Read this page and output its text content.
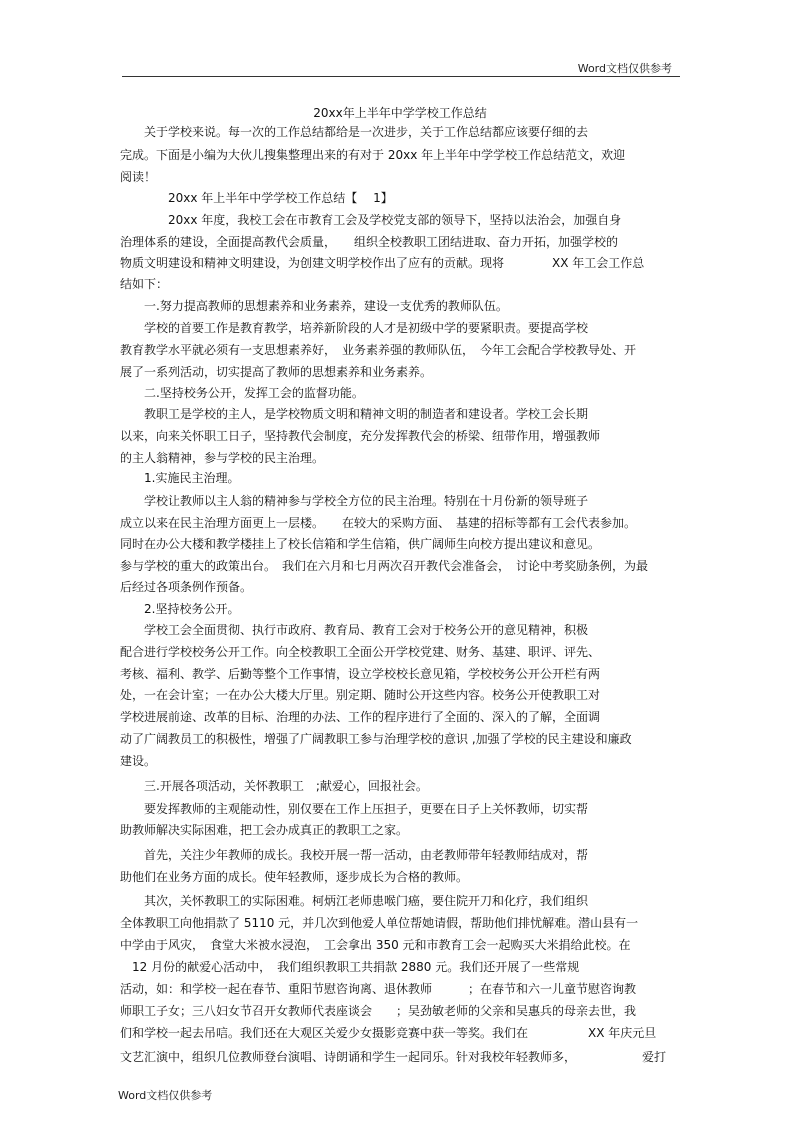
Word文档仅供参考
20xx年上半年中学学校工作总结
　　关于学校来说。每一次的工作总结都给是一次进步，关于工作总结都应该要仔细的去
完成。下面是小编为大伙儿搜集整理出来的有对于 20xx 年上半年中学学校工作总结范文，欢迎
阅读！
　　　　20xx 年上半年中学学校工作总结【　 1】
　　　　20xx 年度，我校工会在市教育工会及学校党支部的领导下，坚持以法治会，加强自身
治理体系的建设，全面提高教代会质量，　　组织全校教职工团结进取、奋力开拓，加强学校的
物质文明建设和精神文明建设，为创建文明学校作出了应有的贡献。现将　　　　XX 年工会工作总
结如下：
　　一.努力提高教师的思想素养和业务素养，建设一支优秀的教师队伍。
　　学校的首要工作是教育教学，培养新阶段的人才是初级中学的要紧职责。要提高学校
教育教学水平就必须有一支思想素养好，　业务素养强的教师队伍，　今年工会配合学校教导处、开
展了一系列活动，切实提高了教师的思想素养和业务素养。
　　二.坚持校务公开，发挥工会的监督功能。
　　教职工是学校的主人，是学校物质文明和精神文明的制造者和建设者。学校工会长期
以来，向来关怀职工日子，坚持教代会制度，充分发挥教代会的桥梁、纽带作用，增强教师
的主人翁精神，参与学校的民主治理。
　　1.实施民主治理。
　　学校让教师以主人翁的精神参与学校全方位的民主治理。特别在十月份新的领导班子
成立以来在民主治理方面更上一层楼。　　在较大的采购方面、　基建的招标等都有工会代表参加。
同时在办公大楼和教学楼挂上了校长信箱和学生信箱，供广阔师生向校方提出建议和意见。
参与学校的重大的政策出台。　我们在六月和七月两次召开教代会准备会，　讨论中考奖励条例，为最
后经过各项条例作预备。
　　2.坚持校务公开。
　　学校工会全面贯彻、执行市政府、教育局、教育工会对于校务公开的意见精神，积极
配合进行学校校务公开工作。向全校教职工全面公开学校党建、财务、基建、职评、评先、
考核、福利、教学、后勤等整个工作事情，设立学校校长意见箱，学校校务公开公开栏有两
处，一在会计室；一在办公大楼大厅里。别定期、随时公开这些内容。校务公开使教职工对
学校进展前途、改革的目标、治理的办法、工作的程序进行了全面的、深入的了解，全面调
动了广阔教员工的积极性，增强了广阔教职工参与治理学校的意识 ,加强了学校的民主建设和廉政
建设。
　　三.开展各项活动，关怀教职工　;献爱心，回报社会。
　　要发挥教师的主观能动性，别仅要在工作上压担子，更要在日子上关怀教师，切实帮
助教师解决实际困难，把工会办成真正的教职工之家。
　　首先，关注少年教师的成长。我校开展一帮一活动，由老教师带年轻教师结成对，帮
助他们在业务方面的成长。使年轻教师，逐步成长为合格的教师。
　　其次，关怀教职工的实际困难。柯炳江老师患喉门癌，要住院开刀和化疗，我们组织
全体教职工向他捐款了 5110 元，并几次到他爱人单位帮她请假，帮助他们排忧解难。潜山县有一
中学由于风灾，　食堂大米被水浸泡，　工会拿出 350 元和市教育工会一起购买大米捐给此校。在
　12 月份的献爱心活动中，　我们组织教职工共捐款 2880 元。我们还开展了一些常规
活动，如：和学校一起在春节、重阳节慰咨询离、退休教师　　　；在春节和六一儿童节慰咨询教
师职工子女；三八妇女节召开女教师代表座谈会　　；吴劲敏老师的父亲和吴惠兵的母亲去世，我
们和学校一起去吊唁。我们还在大观区关爱少女摄影竞赛中获一等奖。我们在　　　　　XX 年庆元旦
文艺汇演中，组织几位教师登台演唱、诗朗诵和学生一起同乐。针对我校年轻教师多，　　　　　　爱打
Word文档仅供参考
